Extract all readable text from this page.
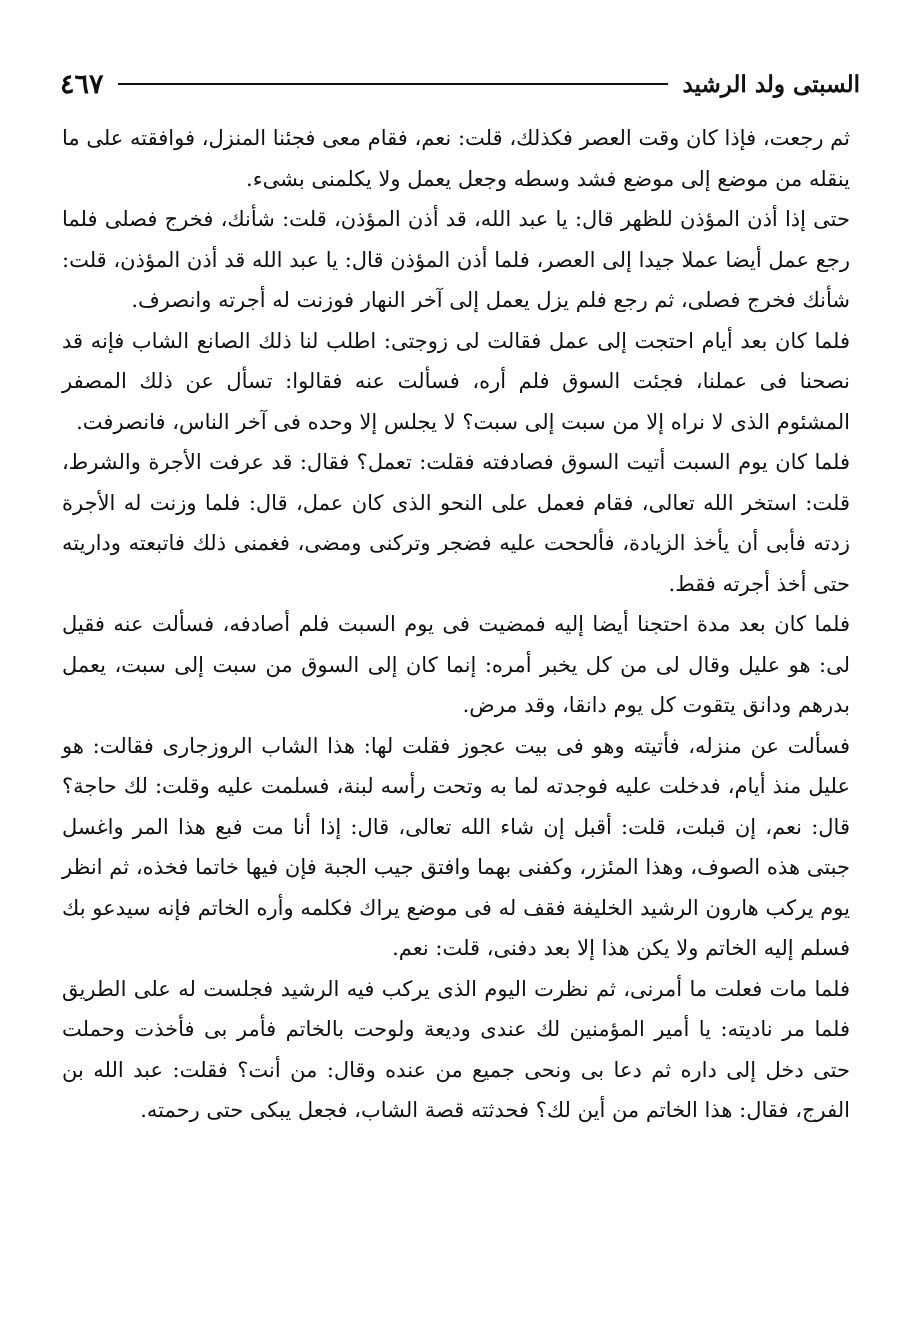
٤٦٧	السبتى ولد الرشيد

ثم رجعت، فإذا كان وقت العصر فكذلك، قلت: نعم، فقام معى فجئنا المنزل، فوافقته على ما ينقله من موضع إلى موضع فشد وسطه وجعل يعمل ولا يكلمنى بشىء.

حتى إذا أذن المؤذن للظهر قال: يا عبد الله، قد أذن المؤذن، قلت: شأنك، فخرج فصلى فلما رجع عمل أيضا عملا جيدا إلى العصر، فلما أذن المؤذن قال: يا عبد الله قد أذن المؤذن، قلت: شأنك فخرج فصلى، ثم رجع فلم يزل يعمل إلى آخر النهار فوزنت له أجرته وانصرف.

فلما كان بعد أيام احتجت إلى عمل فقالت لى زوجتى: اطلب لنا ذلك الصانع الشاب فإنه قد نصحنا فى عملنا، فجئت السوق فلم أره، فسألت عنه فقالوا: تسأل عن ذلك المصفر المشئوم الذى لا نراه إلا من سبت إلى سبت؟ لا يجلس إلا وحده فى آخر الناس، فانصرفت.

فلما كان يوم السبت أتيت السوق فصادفته فقلت: تعمل؟ فقال: قد عرفت الأجرة والشرط، قلت: استخر الله تعالى، فقام فعمل على النحو الذى كان عمل، قال: فلما وزنت له الأجرة زدته فأبى أن يأخذ الزيادة، فألححت عليه فضجر وتركنى ومضى، فغمنى ذلك فاتبعته وداريته حتى أخذ أجرته فقط.

فلما كان بعد مدة احتجنا أيضا إليه فمضيت فى يوم السبت فلم أصادفه، فسألت عنه فقيل لى: هو عليل وقال لى من كل يخبر أمره: إنما كان إلى السوق من سبت إلى سبت، يعمل بدرهم ودانق يتقوت كل يوم دانقا، وقد مرض.

فسألت عن منزله، فأتيته وهو فى بيت عجوز فقلت لها: هذا الشاب الروزجارى فقالت: هو عليل منذ أيام، فدخلت عليه فوجدته لما به وتحت رأسه لبنة، فسلمت عليه وقلت: لك حاجة؟ قال: نعم، إن قبلت، قلت: أقبل إن شاء الله تعالى، قال: إذا أنا مت فبع هذا المر واغسل جبتى هذه الصوف، وهذا المئزر، وكفنى بهما وافتق جيب الجبة فإن فيها خاتما فخذه، ثم انظر يوم يركب هارون الرشيد الخليفة فقف له فى موضع يراك فكلمه وأره الخاتم فإنه سيدعو بك فسلم إليه الخاتم ولا يكن هذا إلا بعد دفنى، قلت: نعم.

فلما مات فعلت ما أمرنى، ثم نظرت اليوم الذى يركب فيه الرشيد فجلست له على الطريق فلما مر ناديته: يا أمير المؤمنين لك عندى وديعة ولوحت بالخاتم فأمر بى فأخذت وحملت حتى دخل إلى داره ثم دعا بى ونحى جميع من عنده وقال: من أنت؟ فقلت: عبد الله بن الفرج، فقال: هذا الخاتم من أين لك؟ فحدثته قصة الشاب، فجعل يبكى حتى رحمته.
